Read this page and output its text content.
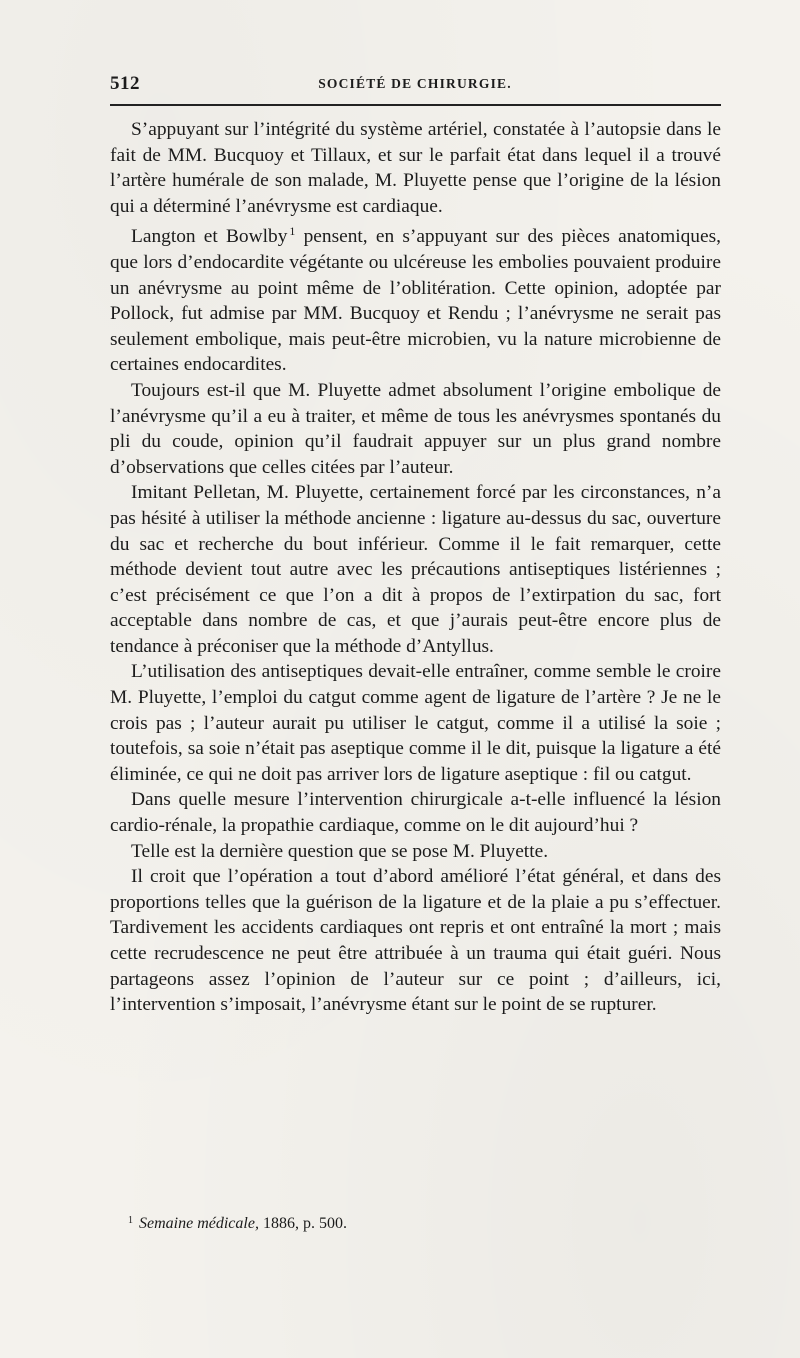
512	SOCIÉTÉ DE CHIRURGIE.

S’appuyant sur l’intégrité du système artériel, constatée à l’autopsie dans le fait de MM. Bucquoy et Tillaux, et sur le parfait état dans lequel il a trouvé l’artère humérale de son malade, M. Pluyette pense que l’origine de la lésion qui a déterminé l’anévrysme est cardiaque.

Langton et Bowlby $^1$ pensent, en s’appuyant sur des pièces anatomiques, que lors d’endocardite végétante ou ulcéreuse les embolies pouvaient produire un anévrysme au point même de l’oblitération. Cette opinion, adoptée par Pollock, fut admise par MM. Bucquoy et Rendu ; l’anévrysme ne serait pas seulement embolique, mais peut-être microbien, vu la nature microbienne de certaines endocardites.

Toujours est-il que M. Pluyette admet absolument l’origine embolique de l’anévrysme qu’il a eu à traiter, et même de tous les anévrysmes spontanés du pli du coude, opinion qu’il faudrait appuyer sur un plus grand nombre d’observations que celles citées par l’auteur.

Imitant Pelletan, M. Pluyette, certainement forcé par les circonstances, n’a pas hésité à utiliser la méthode ancienne : ligature au-dessus du sac, ouverture du sac et recherche du bout inférieur. Comme il le fait remarquer, cette méthode devient tout autre avec les précautions antiseptiques listériennes ; c’est précisément ce que l’on a dit à propos de l’extirpation du sac, fort acceptable dans nombre de cas, et que j’aurais peut-être encore plus de tendance à préconiser que la méthode d’Antyllus.

L’utilisation des antiseptiques devait-elle entraîner, comme semble le croire M. Pluyette, l’emploi du catgut comme agent de ligature de l’artère ? Je ne le crois pas ; l’auteur aurait pu utiliser le catgut, comme il a utilisé la soie ; toutefois, sa soie n’était pas aseptique comme il le dit, puisque la ligature a été éliminée, ce qui ne doit pas arriver lors de ligature aseptique : fil ou catgut.

Dans quelle mesure l’intervention chirurgicale a-t-elle influencé la lésion cardio-rénale, la propathie cardiaque, comme on le dit aujourd’hui ?

Telle est la dernière question que se pose M. Pluyette.

Il croit que l’opération a tout d’abord amélioré l’état général, et dans des proportions telles que la guérison de la ligature et de la plaie a pu s’effectuer. Tardivement les accidents cardiaques ont repris et ont entraîné la mort ; mais cette recrudescence ne peut être attribuée à un trauma qui était guéri. Nous partageons assez l’opinion de l’auteur sur ce point ; d’ailleurs, ici, l’intervention s’imposait, l’anévrysme étant sur le point de se rupturer.

$^1$ Semaine médicale, 1886, p. 500.
